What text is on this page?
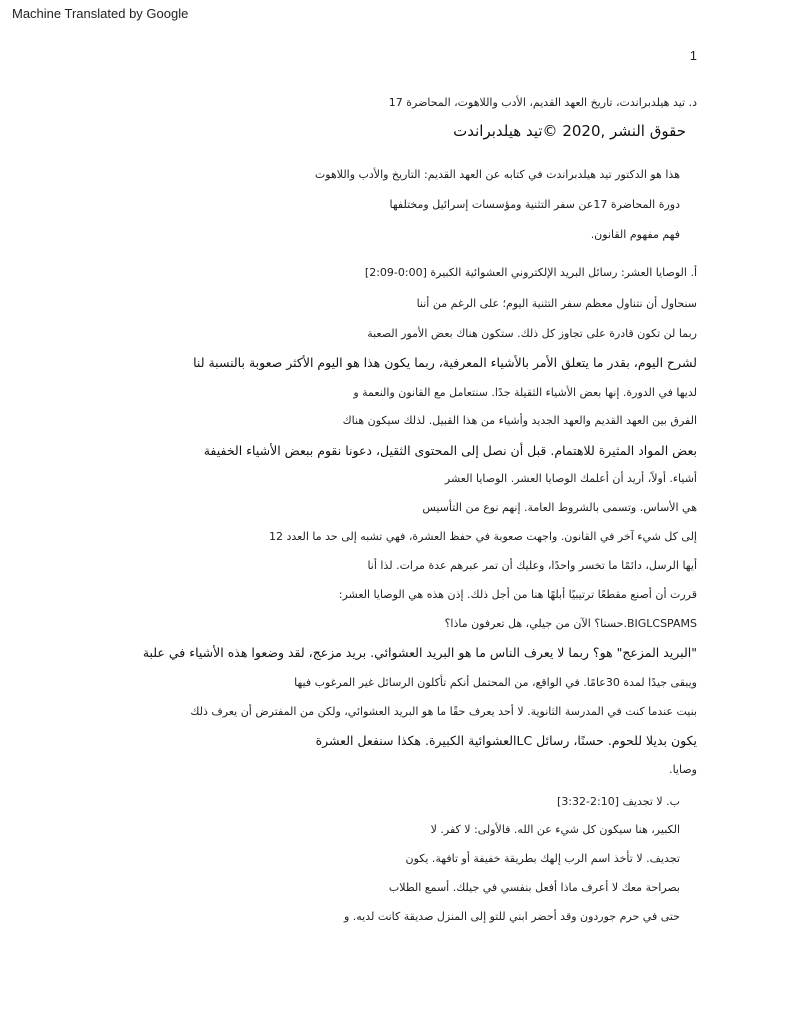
Machine Translated by Google
1
د. تيد هيلدبراندت، تاريخ العهد القديم، الأدب واللاهوت، المحاضرة 17
حقوق النشر ,2020 ©تيد هيلدبراندت
هذا هو الدكتور تيد هيلدبراندت في كتابه عن العهد القديم: التاريخ والأدب واللاهوت
دورة المحاضرة 17عن سفر التثنية ومؤسسات إسرائيل ومختلفها
فهم مفهوم القانون.
أ. الوصايا العشر: رسائل البريد الإلكتروني العشوائية الكبيرة [0:00-2:09]
سنحاول أن نتناول معظم سفر التثنية اليوم؛ على الرغم من أننا
ربما لن تكون قادرة على تجاوز كل ذلك. ستكون هناك بعض الأمور الصعبة
لشرح اليوم، بقدر ما يتعلق الأمر بالأشياء المعرفية، ربما يكون هذا هو اليوم الأكثر صعوبة بالنسبة لنا
لديها في الدورة. إنها بعض الأشياء الثقيلة جدًا. سنتعامل مع القانون والنعمة و
الفرق بين العهد القديم والعهد الجديد وأشياء من هذا القبيل. لذلك سيكون هناك
بعض المواد المثيرة للاهتمام. قبل أن نصل إلى المحتوى الثقيل، دعونا نقوم ببعض الأشياء الخفيفة
أشياء. أولاً، أريد أن أعلمك الوصايا العشر. الوصايا العشر
هي الأساس. وتسمى بالشروط العامة. إنهم نوع من التأسيس
إلى كل شيء آخر في القانون. واجهت صعوبة في حفظ العشرة، فهي تشبه إلى حد ما العدد 12
أيها الرسل، دائمًا ما تخسر واحدًا، وعليك أن تمر عبرهم عدة مرات. لذا أنا
قررت أن أصنع مقطعًا ترتيبيًا أبلهًا هنا من أجل ذلك. إذن هذه هي الوصايا العشر:
BIGLCSPAMS.حسنا؟ الآن من جيلي، هل تعرفون ماذا؟
"البريد المزعج" هو؟ ربما لا يعرف الناس ما هو البريد العشوائي. بريد مزعج، لقد وضعوا هذه الأشياء في علبة
ويبقى جيدًا لمدة 30عامًا. في الواقع، من المحتمل أنكم تأكلون الرسائل غير المرغوب فيها
بنيت عندما كنت في المدرسة الثانوية. لا أحد يعرف حقًا ما هو البريد العشوائي، ولكن من المفترض أن يعرف ذلك
يكون بديلا للحوم. حسنًا، رسائل LCالعشوائية الكبيرة. هكذا سنفعل العشرة
وصايا.
ب. لا تجديف [2:10-3:32]
الكبير، هنا سيكون كل شيء عن الله. فالأولى: لا كفر. لا
تجديف. لا تأخذ اسم الرب إلهك بطريقة خفيفة أو تافهة. يكون
بصراحة معك لا أعرف ماذا أفعل بنفسي في جيلك. أسمع الطلاب
حتى في حرم جوردون وقد أحضر ابني للتو إلى المنزل صديقة كانت لديه. و
